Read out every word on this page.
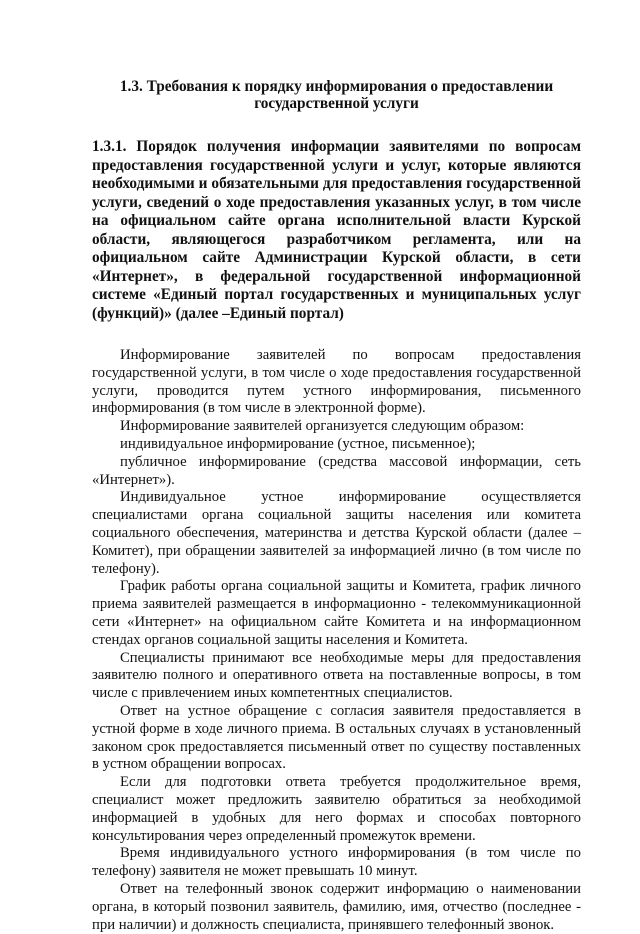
1.3. Требования к порядку информирования о предоставлении
государственной услуги

1.3.1. Порядок получения информации заявителями по вопросам предоставления государственной услуги и услуг, которые являются необходимыми и обязательными для предоставления государственной услуги, сведений о ходе предоставления указанных услуг, в том числе на официальном сайте органа исполнительной власти Курской области, являющегося разработчиком регламента, или на официальном сайте Администрации Курской области, в сети «Интернет», в федеральной государственной информационной системе «Единый портал государственных и муниципальных услуг (функций)» (далее –Единый портал)

Информирование заявителей по вопросам предоставления государственной услуги, в том числе о ходе предоставления государственной услуги, проводится путем устного информирования, письменного информирования (в том числе в электронной форме).

Информирование заявителей организуется следующим образом:

индивидуальное информирование (устное, письменное);

публичное информирование (средства массовой информации, сеть «Интернет»).

Индивидуальное устное информирование осуществляется специалистами органа социальной защиты населения или комитета социального обеспечения, материнства и детства Курской области (далее – Комитет), при обращении заявителей за информацией лично (в том числе по телефону).

График работы органа социальной защиты и Комитета, график личного приема заявителей размещается в информационно - телекоммуникационной сети «Интернет» на официальном сайте Комитета и на информационном стендах органов социальной защиты населения и Комитета.

Специалисты принимают все необходимые меры для предоставления заявителю полного и оперативного ответа на поставленные вопросы, в том числе с привлечением иных компетентных специалистов.

Ответ на устное обращение с согласия заявителя предоставляется в устной форме в ходе личного приема. В остальных случаях в установленный законом срок предоставляется письменный ответ по существу поставленных в устном обращении вопросах.

Если для подготовки ответа требуется продолжительное время, специалист может предложить заявителю обратиться за необходимой информацией в удобных для него формах и способах повторного консультирования через определенный промежуток времени.

Время индивидуального устного информирования (в том числе по телефону) заявителя не может превышать 10 минут.

Ответ на телефонный звонок содержит информацию о наименовании органа, в который позвонил заявитель, фамилию, имя, отчество (последнее - при наличии) и должность специалиста, принявшего телефонный звонок.
